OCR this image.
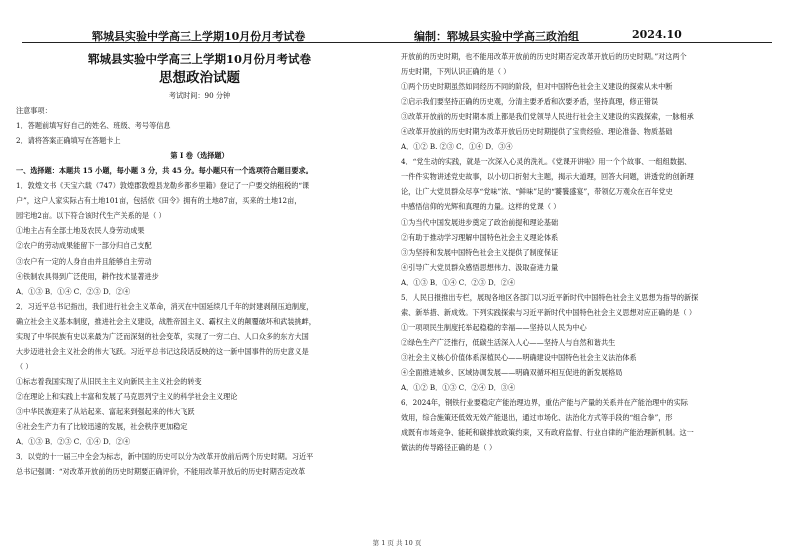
郓城县实验中学高三上学期10月份月考试卷	编制：郓城县实验中学高三政治组	2024.10

郓城县实验中学高三上学期10月份月考试卷

思想政治试题

考试时间：90 分钟

注意事项：

1．答题前填写好自己的姓名、班级、考号等信息

2．请将答案正确填写在答题卡上

第 I 卷（选择题）

一、选择题：本题共 15 小题，每小题 3 分，共 45 分。每小题只有一个选项符合题目要求。

1．敦煌文书《天宝六载（747）敦煌郡敦煌县龙勒乡都乡里籍》登记了一户要交纳租税的“课

户”，这户人家实际占有土地101亩，包括依《田令》拥有的土地87亩，买来的土地12亩，

园宅地2亩。以下符合该时代生产关系的是（ ）

①地主占有全部土地及农民人身劳动成果

②农户的劳动成果能留下一部分归自己支配

③农户有一定的人身自由并且能够自主劳动

④铁制农具得到广泛使用，耕作技术显著进步

A．①③ B．①④ C．②③ D．②④

2．习近平总书记指出，我们进行社会主义革命，消灭在中国延续几千年的封建剥削压迫制度，

确立社会主义基本制度，推进社会主义建设，战胜帝国主义、霸权主义的颠覆破坏和武装挑衅，

实现了中华民族有史以来最为广泛而深刻的社会变革，实现了一穷二白、人口众多的东方大国

大步迈进社会主义社会的伟大飞跃。习近平总书记这段话反映的这一新中国事件的历史意义是

（ ）

①标志着我国实现了从旧民主主义向新民主主义社会的转变

②在理论上和实践上丰富和发展了马克思列宁主义的科学社会主义理论

③中华民族迎来了从站起来、富起来到强起来的伟大飞跃

④社会生产力有了比较迅速的发展，社会秩序更加稳定

A．①③ B．②③ C．①④ D．②④

3．以党的十一届三中全会为标志，新中国的历史可以分为改革开放前后两个历史时期。习近平

总书记强调：“对改革开放前的历史时期要正确评价，不能用改革开放后的历史时期否定改革

开放前的历史时期，也不能用改革开放前的历史时期否定改革开放后的历史时期。”对这两个

历史时期，下列认识正确的是（ ）

①两个历史时期虽然如同经历不同的阶段，但对中国特色社会主义建设的探索从未中断

②启示我们要坚持正确的历史观，分清主要矛盾和次要矛盾，坚持真理，修正错误

③改革开放前的历史时期本质上都是我们党领导人民进行社会主义建设的实践探索，一脉相承

④改革开放前的历史时期为改革开放后历史时期提供了宝贵经验、理论准备、物质基础

A．①② B. ②③ C．①④ D．③④

4．“党生动的实践，就是一次深入心灵的洗礼。《党课开讲啦》用一个个故事、一组组数据、

一件件实物讲述党史故事，以小切口折射大主题，揭示大道理，回答大问题，讲透党的创新理

论，让广大党员群众尽享“党味”浓、“鲜味”足的“饕餮盛宴”，带领亿万观众在百年党史

中感悟信仰的光辉和真理的力量。这样的党课（ ）

①为当代中国发展进步奠定了政治前提和理论基础

②有助于推动学习理解中国特色社会主义理论体系

③为坚持和发展中国特色社会主义提供了制度保证

④引导广大党员群众感悟思想伟力、汲取奋进力量

A．①③ B．①④ C．②③ D．②④

5．人民日报推出专栏，展现各地区各部门以习近平新时代中国特色社会主义思想为指导的新探

索、新举措、新成效。下列实践探索与习近平新时代中国特色社会主义思想对应正确的是（ ）

①一项项民生制度托举起稳稳的幸福——坚持以人民为中心

②绿色生产广泛推行，低碳生活深入人心——坚持人与自然和谐共生

③社会主义核心价值体系深植民心——明确建设中国特色社会主义法治体系

④全面推进城乡、区域协调发展——明确双循环相互促进的新发展格局

A．①② B．①③ C．②④ D．③④

6．2024年，钢铁行业要稳定产能治理边界，重估产能与产量的关系并在产能治理中的实际

效用，综合施策还低效无效产能退出，通过市场化、法治化方式等手段的“组合拳”，形

成既有市场竞争、能耗和碳排放政策约束，又有政府监督、行业自律的产能治理新机制。这一

做法的传导路径正确的是（ ）

第 1 页 共 10 页
